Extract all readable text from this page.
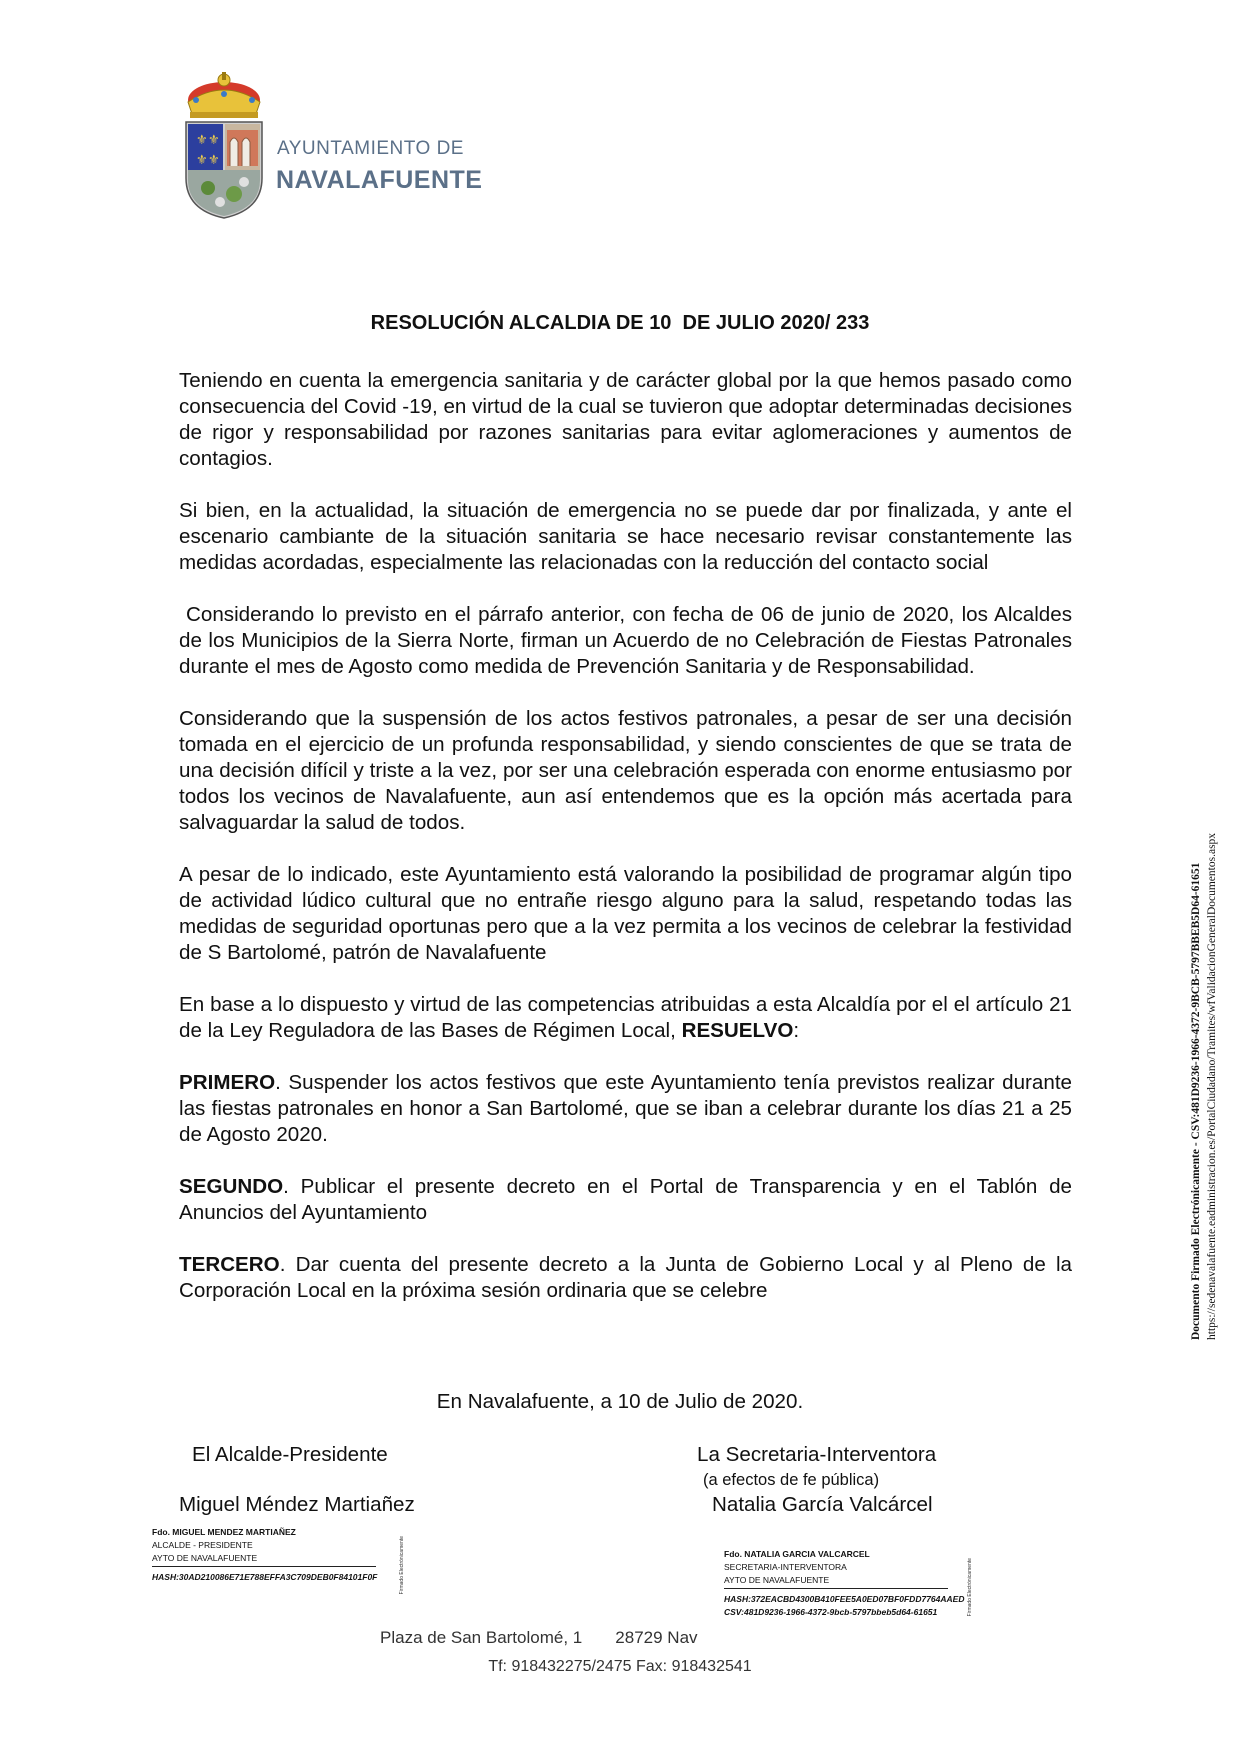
⚜ ⚜
⚜ ⚜
AYUNTAMIENTO DE
NAVALAFUENTE
RESOLUCIÓN ALCALDIA DE 10  DE JULIO 2020/ 233

Teniendo en cuenta la emergencia sanitaria y de carácter global por la que hemos pasado como consecuencia del Covid -19, en virtud de la cual se tuvieron que adoptar determinadas decisiones de rigor y responsabilidad por razones sanitarias para evitar aglomeraciones y aumentos de contagios.

Si bien, en la actualidad, la situación de emergencia no se puede dar por finalizada, y ante el escenario cambiante de la situación sanitaria se hace necesario revisar constantemente las medidas acordadas, especialmente las relacionadas con la reducción del contacto social

Considerando lo previsto en el párrafo anterior, con fecha de 06 de junio de 2020, los Alcaldes de los Municipios de la Sierra Norte, firman un Acuerdo de no Celebración de Fiestas Patronales durante el mes de Agosto como medida de Prevención Sanitaria y de Responsabilidad.

Considerando que la suspensión de los actos festivos patronales, a pesar de ser una decisión tomada en el ejercicio de un profunda responsabilidad, y siendo conscientes de que se trata de una decisión difícil y triste a la vez, por ser una celebración esperada con enorme entusiasmo por todos los vecinos de Navalafuente, aun así entendemos que es la opción más acertada para salvaguardar la salud de todos.

A pesar de lo indicado, este Ayuntamiento está valorando la posibilidad de programar algún tipo de actividad lúdico cultural que no entrañe riesgo alguno para la salud, respetando todas las medidas de seguridad oportunas pero que a la vez permita a los vecinos de celebrar la festividad de S Bartolomé, patrón de Navalafuente

En base a lo dispuesto y virtud de las competencias atribuidas a esta Alcaldía por el el artículo 21 de la Ley Reguladora de las Bases de Régimen Local, RESUELVO:

PRIMERO. Suspender los actos festivos que este Ayuntamiento tenía previstos realizar durante las fiestas patronales en honor a San Bartolomé, que se iban a celebrar durante los días 21 a 25 de Agosto 2020.

SEGUNDO. Publicar el presente decreto en el Portal de Transparencia y en el Tablón de Anuncios del Ayuntamiento

TERCERO. Dar cuenta del presente decreto a la Junta de Gobierno Local y al Pleno de la Corporación Local en la próxima sesión ordinaria que se celebre

En Navalafuente, a 10 de Julio de 2020.
El Alcalde-Presidente
Miguel Méndez Martiañez
La Secretaria-Interventora
(a efectos de fe pública)
Natalia García Valcárcel
Fdo. MIGUEL MENDEZ MARTIAÑEZ
ALCALDE - PRESIDENTE
AYTO DE NAVALAFUENTE
HASH:30AD210086E71E788EFFA3C709DEB0F84101F0F	Firmado Electrónicamente	Fdo. NATALIA GARCIA VALCARCEL
SECRETARIA-INTERVENTORA
AYTO DE NAVALAFUENTE
HASH:372EACBD4300B410FEE5A0ED07BF0FDD7764AAED
CSV:481D9236-1966-4372-9bcb-5797bbeb5d64-61651	Firmado Electrónicamente
Plaza de San Bartolomé, 1       28729 Nav
Tf: 918432275/2475 Fax: 918432541
Documento Firmado Electrónicamente - CSV:481D9236-1966-4372-9BCB-5797BBEB5D64-61651 https://sedenavalafuente.eadministracion.es/PortalCiudadano/Tramites/wfValidacionGeneralDocumentos.aspx
